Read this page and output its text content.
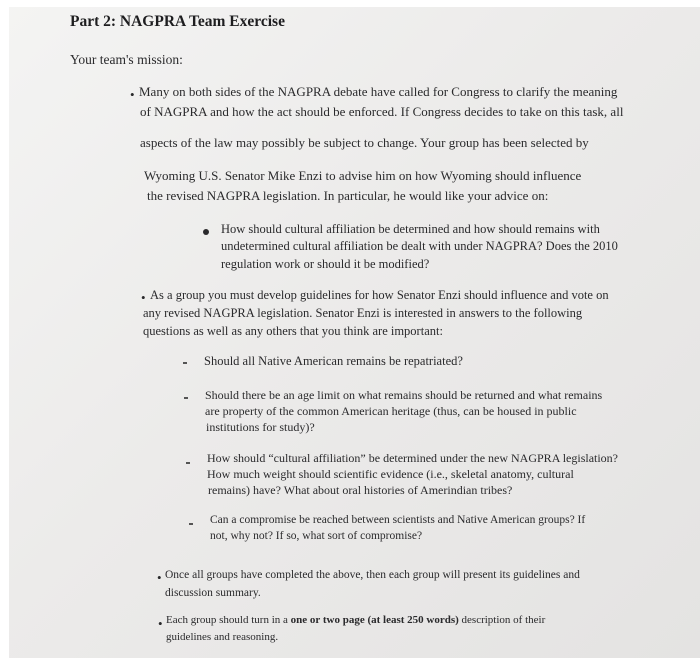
Part 2: NAGPRA Team Exercise
Your team's mission:
• Many on both sides of the NAGPRA debate have called for Congress to clarify the meaning
of NAGPRA and how the act should be enforced. If Congress decides to take on this task, all
aspects of the law may possibly be subject to change. Your group has been selected by
Wyoming U.S. Senator Mike Enzi to advise him on how Wyoming should influence
the revised NAGPRA legislation. In particular, he would like your advice on:
How should cultural affiliation be determined and how should remains with
undetermined cultural affiliation be dealt with under NAGPRA? Does the 2010
regulation work or should it be modified?
• As a group you must develop guidelines for how Senator Enzi should influence and vote on
any revised NAGPRA legislation. Senator Enzi is interested in answers to the following
questions as well as any others that you think are important:
Should all Native American remains be repatriated?
Should there be an age limit on what remains should be returned and what remains
are property of the common American heritage (thus, can be housed in public
institutions for study)?
How should “cultural affiliation” be determined under the new NAGPRA legislation?
How much weight should scientific evidence (i.e., skeletal anatomy, cultural
remains) have? What about oral histories of Amerindian tribes?
Can a compromise be reached between scientists and Native American groups? If
not, why not? If so, what sort of compromise?
• Once all groups have completed the above, then each group will present its guidelines and
discussion summary.
• Each group should turn in a one or two page (at least 250 words) description of their
guidelines and reasoning.
